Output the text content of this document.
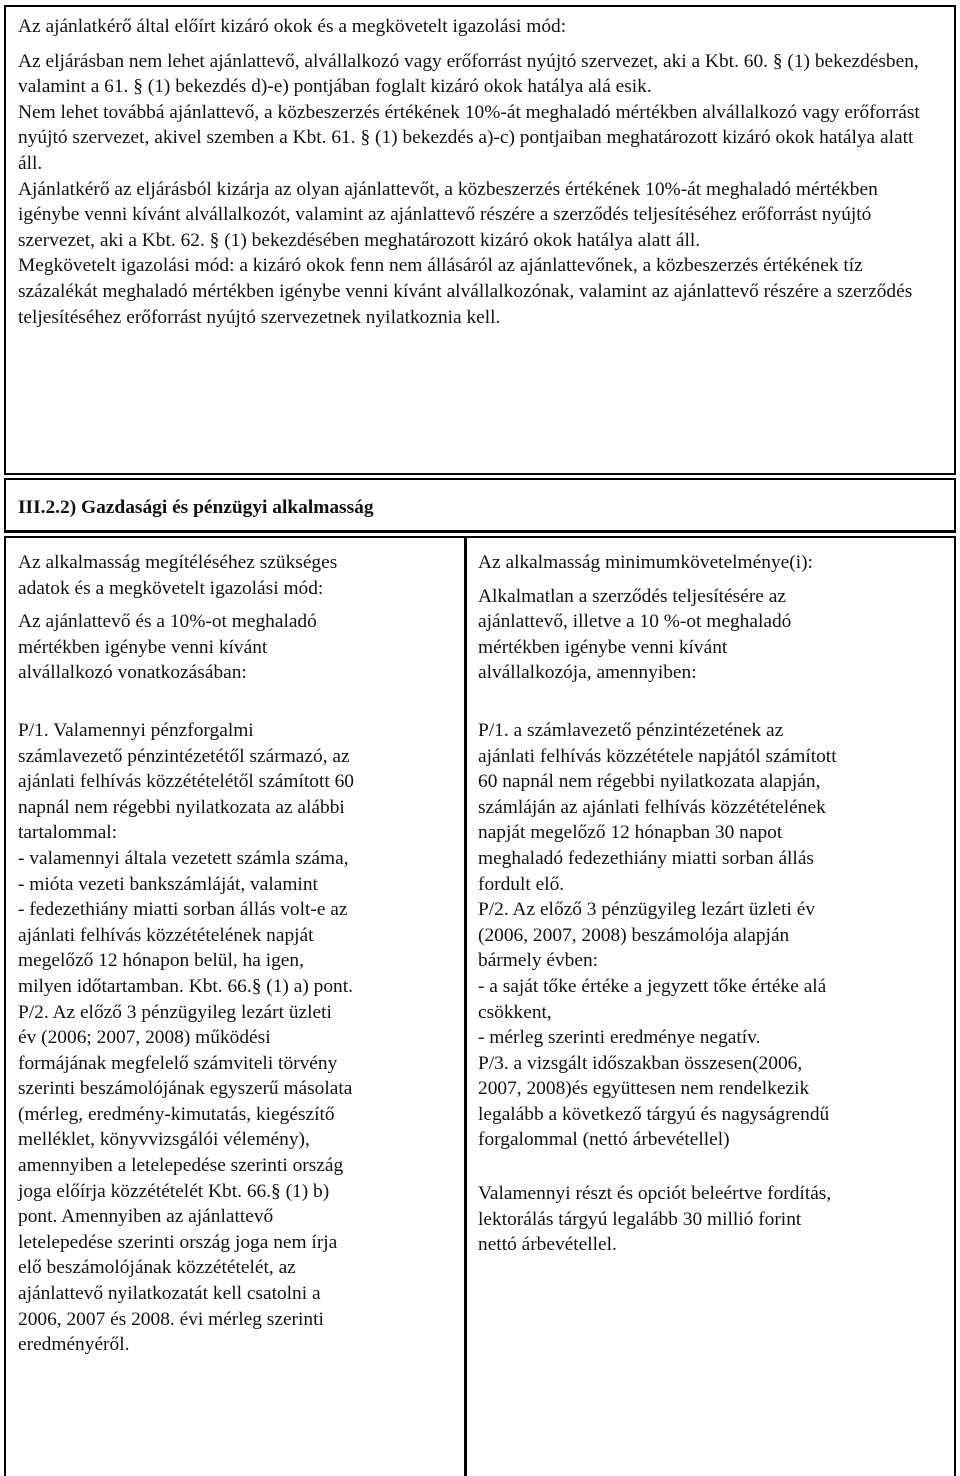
Az ajánlatkérő által előírt kizáró okok és a megkövetelt igazolási mód:

Az eljárásban nem lehet ajánlattevő, alvállalkozó vagy erőforrást nyújtó szervezet, aki a Kbt. 60. § (1) bekezdésben, valamint a 61. § (1) bekezdés d)-e) pontjában foglalt kizáró okok hatálya alá esik.

Nem lehet továbbá ajánlattevő, a közbeszerzés értékének 10%-át meghaladó mértékben alvállalkozó vagy erőforrást nyújtó szervezet, akivel szemben a Kbt. 61. § (1) bekezdés a)-c) pontjaiban meghatározott kizáró okok hatálya alatt áll.

Ajánlatkérő az eljárásból kizárja az olyan ajánlattevőt, a közbeszerzés értékének 10%-át meghaladó mértékben igénybe venni kívánt alvállalkozót, valamint az ajánlattevő részére a szerződés teljesítéséhez erőforrást nyújtó szervezet, aki a Kbt. 62. § (1) bekezdésében meghatározott kizáró okok hatálya alatt áll.

Megkövetelt igazolási mód: a kizáró okok fenn nem állásáról az ajánlattevőnek, a közbeszerzés értékének tíz százalékát meghaladó mértékben igénybe venni kívánt alvállalkozónak, valamint az ajánlattevő részére a szerződés teljesítéséhez erőforrást nyújtó szervezetnek nyilatkoznia kell.

III.2.2) Gazdasági és pénzügyi alkalmasság

Az alkalmasság megítéléséhez szükséges
adatok és a megkövetelt igazolási mód:

Az ajánlattevő és a 10%-ot meghaladó
mértékben igénybe venni kívánt
alvállalkozó vonatkozásában:

P/1. Valamennyi pénzforgalmi
számlavezető pénzintézetétől származó, az
ajánlati felhívás közzétételétől számított 60
napnál nem régebbi nyilatkozata az alábbi
tartalommal:
- valamennyi általa vezetett számla száma,
- mióta vezeti bankszámláját, valamint
- fedezethiány miatti sorban állás volt-e az
ajánlati felhívás közzétételének napját
megelőző 12 hónapon belül, ha igen,
milyen időtartamban. Kbt. 66.§ (1) a) pont.
P/2. Az előző 3 pénzügyileg lezárt üzleti
év (2006; 2007, 2008) működési
formájának megfelelő számviteli törvény
szerinti beszámolójának egyszerű másolata
(mérleg, eredmény-kimutatás, kiegészítő
melléklet, könyvvizsgálói vélemény),
amennyiben a letelepedése szerinti ország
joga előírja közzétételét Kbt. 66.§ (1) b)
pont. Amennyiben az ajánlattevő
letelepedése szerinti ország joga nem írja
elő beszámolójának közzétételét, az
ajánlattevő nyilatkozatát kell csatolni a
2006, 2007 és 2008. évi mérleg szerinti
eredményéről.

Az alkalmasság minimumkövetelménye(i):

Alkalmatlan a szerződés teljesítésére az
ajánlattevő, illetve a 10 %-ot meghaladó
mértékben igénybe venni kívánt
alvállalkozója, amennyiben:

P/1. a számlavezető pénzintézetének az
ajánlati felhívás közzététele napjától számított
60 napnál nem régebbi nyilatkozata alapján,
számláján az ajánlati felhívás közzétételének
napját megelőző 12 hónapban 30 napot
meghaladó fedezethiány miatti sorban állás
fordult elő.
P/2. Az előző 3 pénzügyileg lezárt üzleti év
(2006, 2007, 2008) beszámolója alapján
bármely évben:
- a saját tőke értéke a jegyzett tőke értéke alá
csökkent,
- mérleg szerinti eredménye negatív.
P/3. a vizsgált időszakban összesen(2006,
2007, 2008)és együttesen nem rendelkezik
legalább a következő tárgyú és nagyságrendű
forgalommal (nettó árbevétellel)

Valamennyi részt és opciót beleértve fordítás,
lektorálás tárgyú legalább 30 millió forint
nettó árbevétellel.
